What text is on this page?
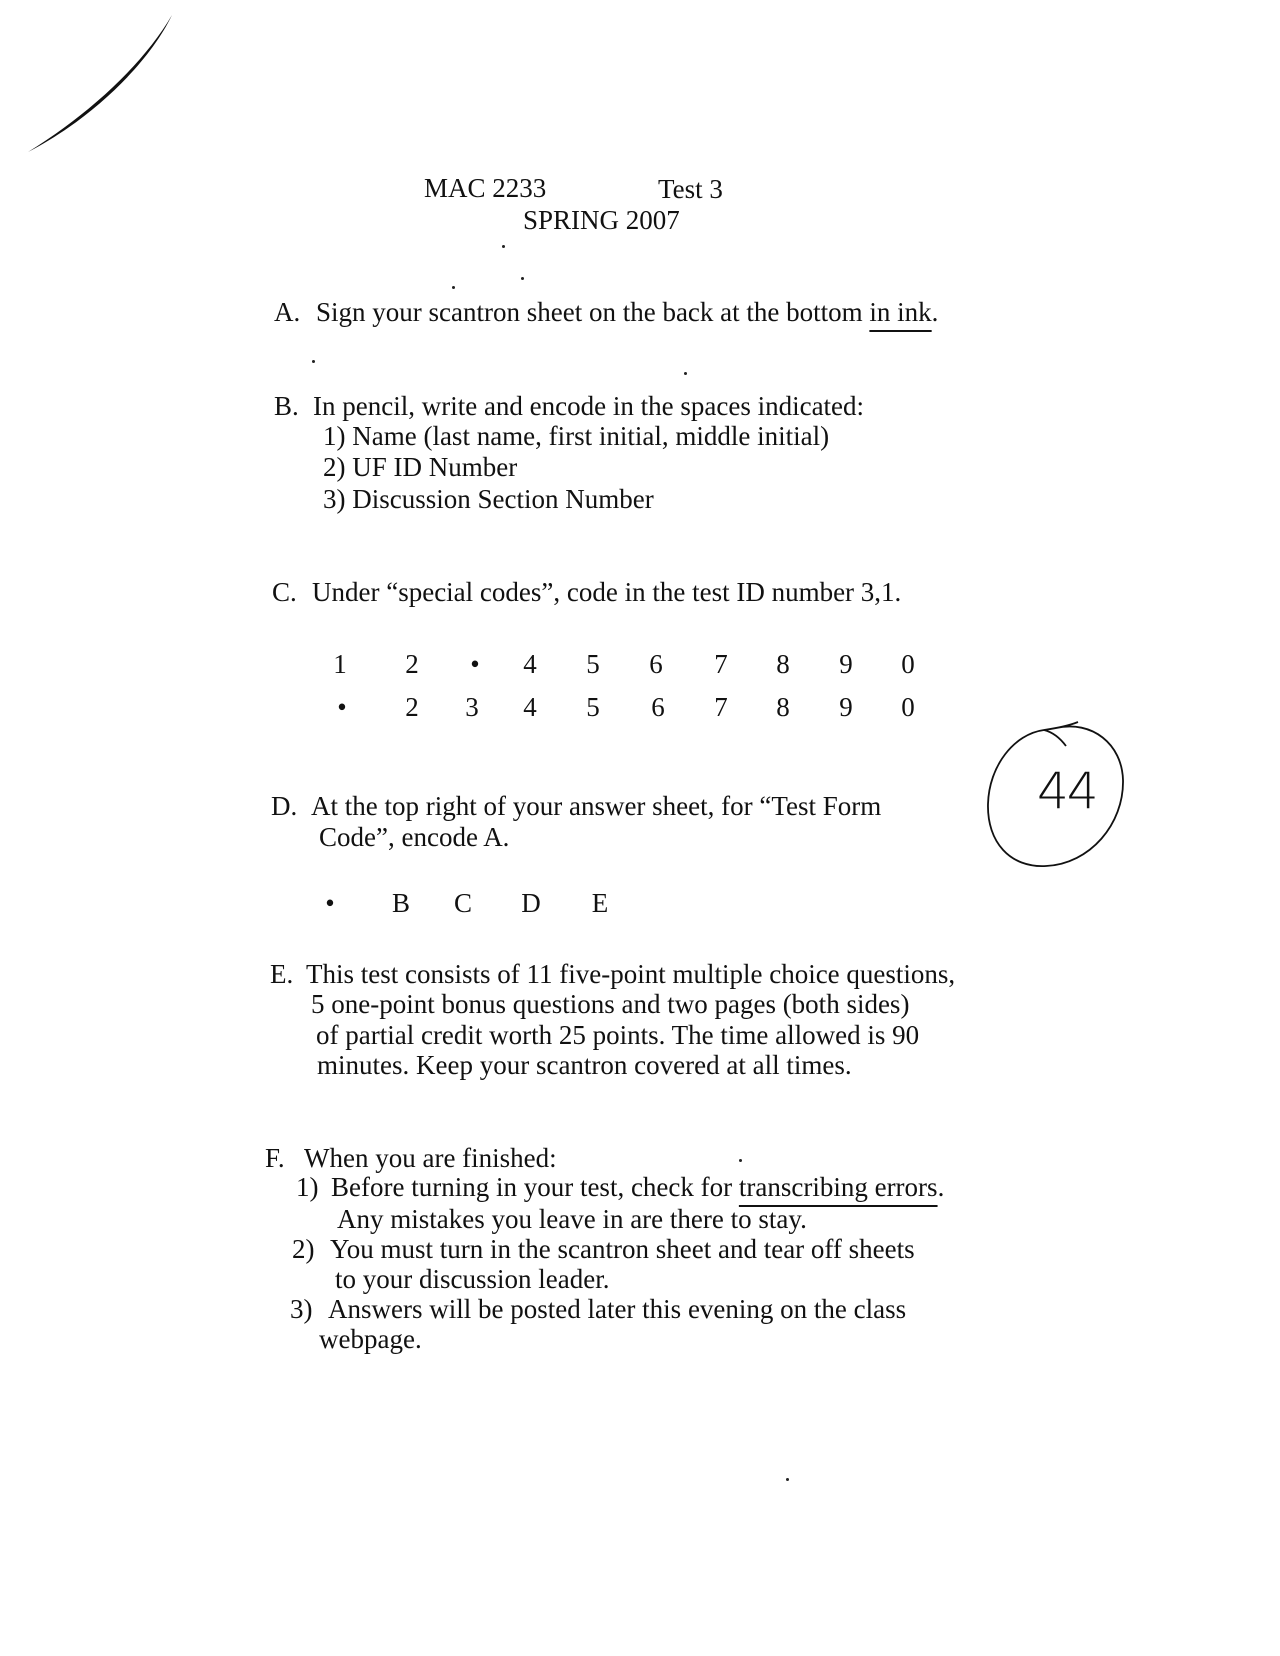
MAC 2233	Test 3
SPRING 2007
A. Sign your scantron sheet on the back at the bottom in ink.
B. In pencil, write and encode in the spaces indicated:
1) Name (last name, first initial, middle initial)
2) UF ID Number
3) Discussion Section Number
C. Under “special codes”, code in the test ID number 3,1.
1	2	•	4	5	6	7	8	9	0
•	2	3	4	5	6	7	8	9	0
D. At the top right of your answer sheet, for “Test Form
Code”, encode A.
•	B C D E
44
E. This test consists of 11 five-point multiple choice questions,
5 one-point bonus questions and two pages (both sides)
of partial credit worth 25 points. The time allowed is 90
minutes. Keep your scantron covered at all times.
F. When you are finished:
1) Before turning in your test, check for transcribing errors.
Any mistakes you leave in are there to stay.
2) You must turn in the scantron sheet and tear off sheets
to your discussion leader.
3) Answers will be posted later this evening on the class
webpage.
